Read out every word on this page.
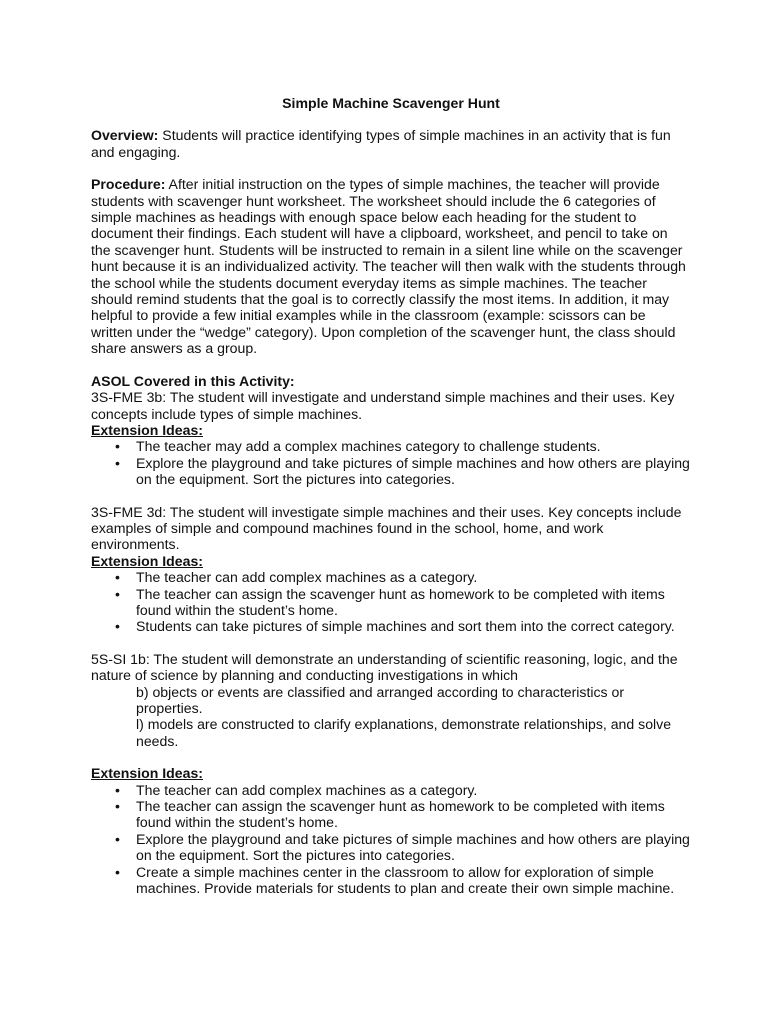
Simple Machine Scavenger Hunt

Overview: Students will practice identifying types of simple machines in an activity that is fun and engaging.

Procedure: After initial instruction on the types of simple machines, the teacher will provide students with scavenger hunt worksheet. The worksheet should include the 6 categories of simple machines as headings with enough space below each heading for the student to document their findings. Each student will have a clipboard, worksheet, and pencil to take on the scavenger hunt. Students will be instructed to remain in a silent line while on the scavenger hunt because it is an individualized activity. The teacher will then walk with the students through the school while the students document everyday items as simple machines. The teacher should remind students that the goal is to correctly classify the most items. In addition, it may helpful to provide a few initial examples while in the classroom (example: scissors can be written under the “wedge” category). Upon completion of the scavenger hunt, the class should share answers as a group.

ASOL Covered in this Activity:

3S-FME 3b: The student will investigate and understand simple machines and their uses. Key concepts include types of simple machines.

Extension Ideas:

• The teacher may add a complex machines category to challenge students.
• Explore the playground and take pictures of simple machines and how others are playing on the equipment. Sort the pictures into categories.

3S-FME 3d: The student will investigate simple machines and their uses. Key concepts include examples of simple and compound machines found in the school, home, and work environments.

Extension Ideas:

• The teacher can add complex machines as a category.
• The teacher can assign the scavenger hunt as homework to be completed with items found within the student’s home.
• Students can take pictures of simple machines and sort them into the correct category.

5S-SI 1b: The student will demonstrate an understanding of scientific reasoning, logic, and the nature of science by planning and conducting investigations in which

b) objects or events are classified and arranged according to characteristics or properties.

l) models are constructed to clarify explanations, demonstrate relationships, and solve needs.

Extension Ideas:

• The teacher can add complex machines as a category.
• The teacher can assign the scavenger hunt as homework to be completed with items found within the student’s home.
• Explore the playground and take pictures of simple machines and how others are playing on the equipment. Sort the pictures into categories.
• Create a simple machines center in the classroom to allow for exploration of simple machines. Provide materials for students to plan and create their own simple machine.
